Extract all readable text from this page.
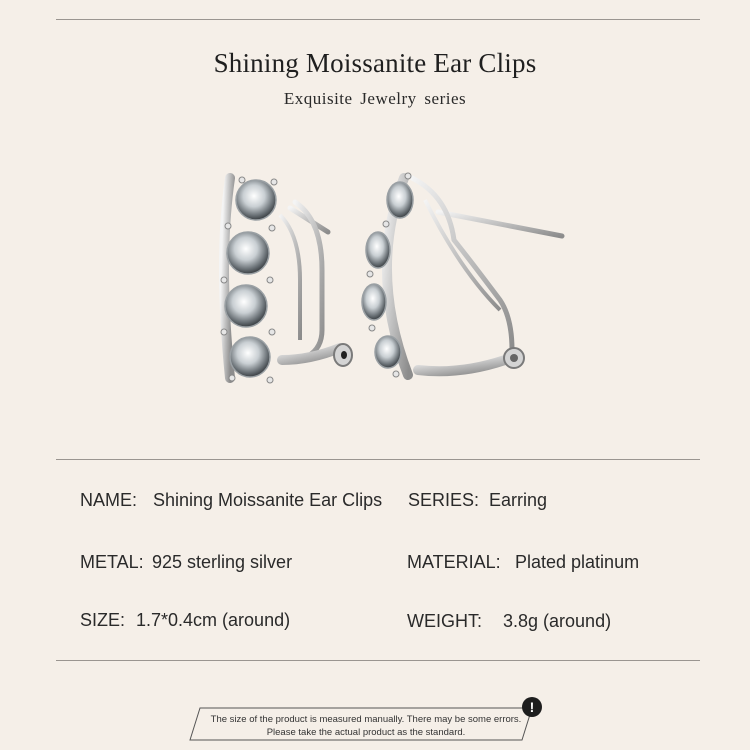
Shining Moissanite Ear Clips
Exquisite Jewelry series
NAME: Shining Moissanite Ear Clips SERIES: Earring
METAL: 925 sterling silver	MATERIAL: Plated platinum
SIZE: 1.7*0.4cm (around)	WEIGHT: 3.8g (around)
The size of the product is measured manually. There may be some errors.
Please take the actual product as the standard.
!
